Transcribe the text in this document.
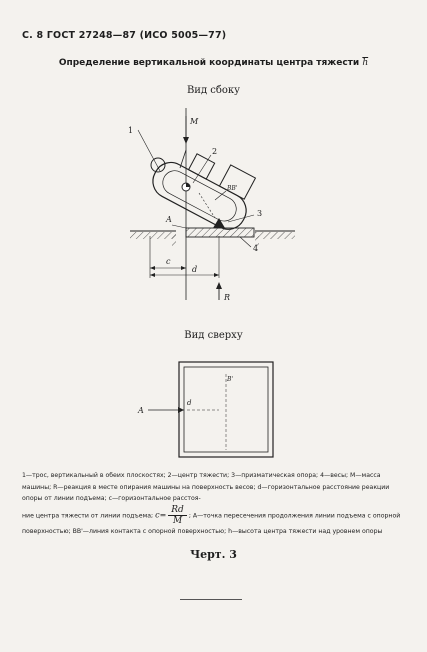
С. 8 ГОСТ 27248—87 (ИСО 5005—77)
Определение вертикальной координаты центра тяжести $\overline{h}$
Вид сбоку
M
1
2
BB'
3
A
4
c
d
R
Вид сверху
A
d
B'

1—трос, вертикальный в обеих плоскостях; 2—центр тяжести; 3—призматическая опора; 4—весы; M—масса машины; R—реакция в месте опирания машины на поверхность весов; d—горизонтальное расстояние реакции опоры от линии подъема; c—горизонтальное расстоя-

ние центра тяжести от линии подъема; $c= \frac{Rd}{M}$ ; A—точка пересечения продолжения линии подъема с опорной поверхностью; BB'—линия контакта с опорной поверхностью; h—высота центра тяжести над уровнем опоры

Черт. 3
